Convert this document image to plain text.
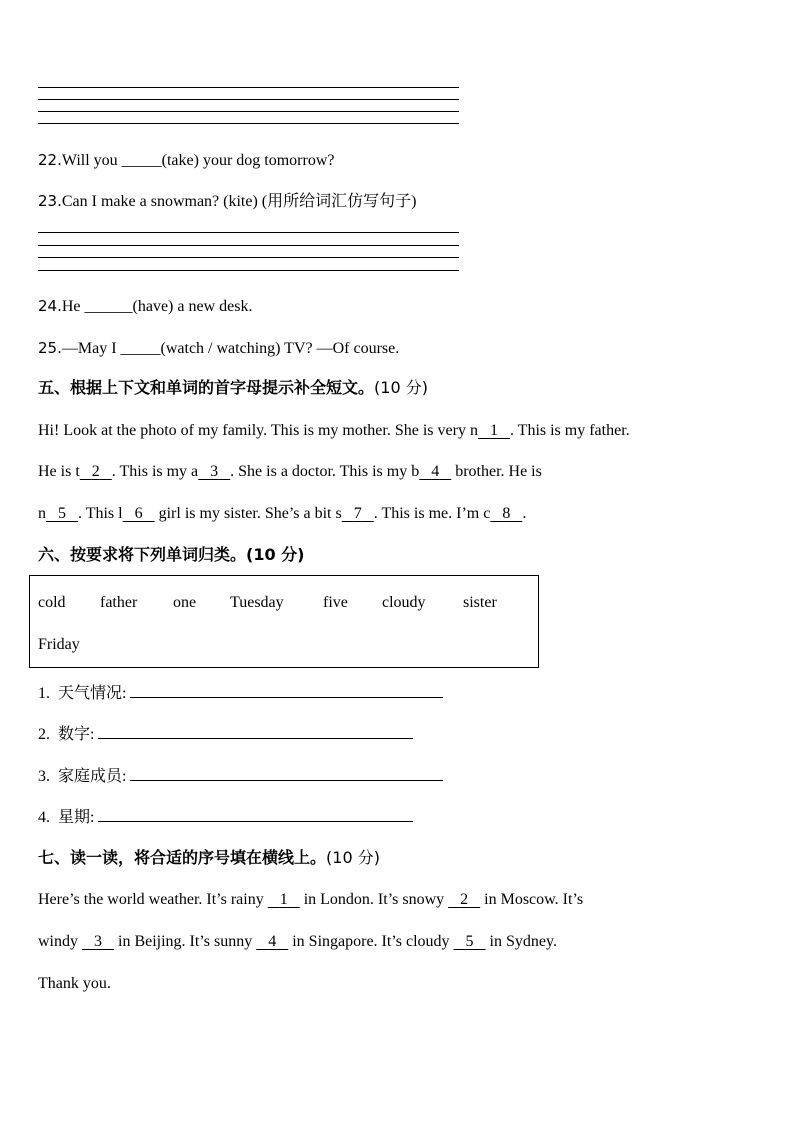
22.Will you _____(take) your dog tomorrow?
23.Can I make a snowman? (kite) (用所给词汇仿写句子)
24.He ______(have) a new desk.
25.—May I _____(watch / watching) TV? —Of course.
五、根据上下文和单词的首字母提示补全短文。(10 分)
Hi! Look at the photo of my family. This is my mother. She is very n 1 . This is my father.
He is t 2 . This is my a 3 . She is a doctor. This is my b 4    brother. He is
n 5 . This l 6    girl is my sister. She’s a bit s 7 . This is me. I’m c 8 .
六、按要求将下列单词归类。(10 分)
cold father one Tuesday five cloudy sister
Friday
1. 天气情况:
2. 数字:
3. 家庭成员:
4. 星期:
七、读一读，将合适的序号填在横线上。(10 分)
Here’s the world weather. It’s rainy    1    in London. It’s snowy    2    in Moscow. It’s
windy    3    in Beijing. It’s sunny    4    in Singapore. It’s cloudy    5    in Sydney.
Thank you.
